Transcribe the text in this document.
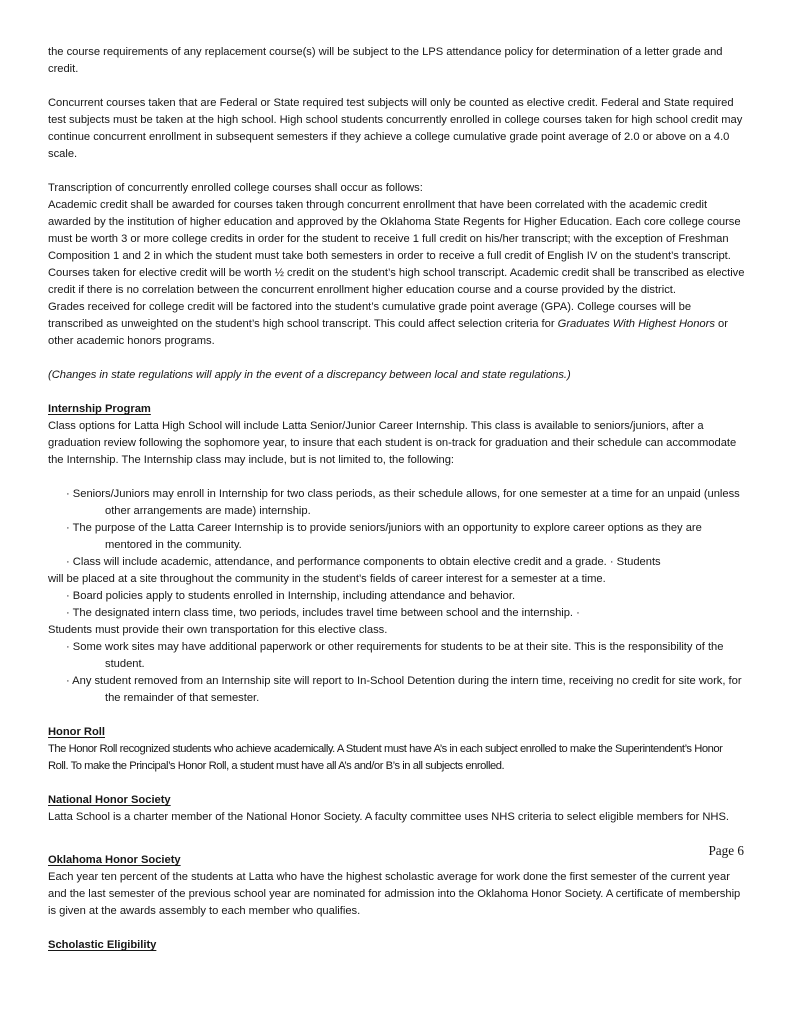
the course requirements of any replacement course(s) will be subject to the LPS attendance policy for determination of a letter grade and credit.

Concurrent courses taken that are Federal or State required test subjects will only be counted as elective credit. Federal and State required test subjects must be taken at the high school. High school students concurrently enrolled in college courses taken for high school credit may continue concurrent enrollment in subsequent semesters if they achieve a college cumulative grade point average of 2.0 or above on a 4.0 scale.

Transcription of concurrently enrolled college courses shall occur as follows:

Academic credit shall be awarded for courses taken through concurrent enrollment that have been correlated with the academic credit awarded by the institution of higher education and approved by the Oklahoma State Regents for Higher Education. Each core college course must be worth 3 or more college credits in order for the student to receive 1 full credit on his/her transcript; with the exception of Freshman Composition 1 and 2 in which the student must take both semesters in order to receive a full credit of English IV on the student’s transcript.

Courses taken for elective credit will be worth ½ credit on the student’s high school transcript. Academic credit shall be transcribed as elective credit if there is no correlation between the concurrent enrollment higher education course and a course provided by the district.

Grades received for college credit will be factored into the student’s cumulative grade point average (GPA). College courses will be transcribed as unweighted on the student’s high school transcript. This could affect selection criteria for Graduates With Highest Honors or other academic honors programs.

(Changes in state regulations will apply in the event of a discrepancy between local and state regulations.)

Internship Program

Class options for Latta High School will include Latta Senior/Junior Career Internship. This class is available to seniors/juniors, after a graduation review following the sophomore year, to insure that each student is on-track for graduation and their schedule can accommodate the Internship. The Internship class may include, but is not limited to, the following:

· Seniors/Juniors may enroll in Internship for two class periods, as their schedule allows, for one semester at a time for an unpaid (unless other arrangements are made) internship.
· The purpose of the Latta Career Internship is to provide seniors/juniors with an opportunity to explore career options as they are mentored in the community.
· Class will include academic, attendance, and performance components to obtain elective credit and a grade. · Students
will be placed at a site throughout the community in the student’s fields of career interest for a semester at a time.
· Board policies apply to students enrolled in Internship, including attendance and behavior.
· The designated intern class time, two periods, includes travel time between school and the internship. ·
Students must provide their own transportation for this elective class.
· Some work sites may have additional paperwork or other requirements for students to be at their site. This is the responsibility of the student.
· Any student removed from an Internship site will report to In-School Detention during the intern time, receiving no credit for site work, for the remainder of that semester.
Honor Roll

The Honor Roll recognized students who achieve academically. A Student must have A’s in each subject enrolled to make the Superintendent’s Honor Roll. To make the Principal’s Honor Roll, a student must have all A’s and/or B’s in all subjects enrolled.

National Honor Society

Latta School is a charter member of the National Honor Society. A faculty committee uses NHS criteria to select eligible members for NHS.

Oklahoma Honor Society

Each year ten percent of the students at Latta who have the highest scholastic average for work done the first semester of the current year and the last semester of the previous school year are nominated for admission into the Oklahoma Honor Society. A certificate of membership is given at the awards assembly to each member who qualifies.

Scholastic Eligibility
Page 6
